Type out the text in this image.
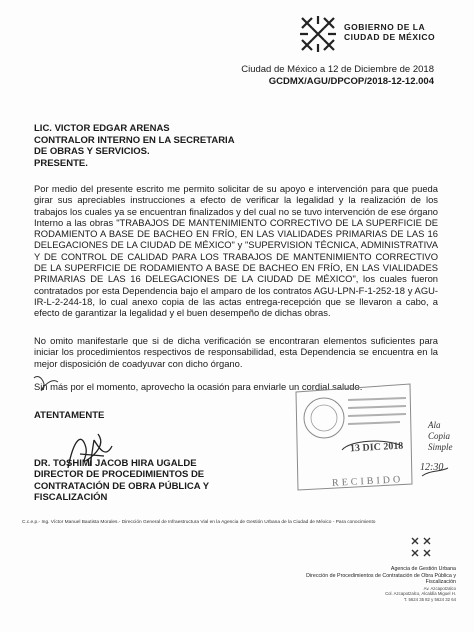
GOBIERNO DE LA
CIUDAD DE MÉXICO
Ciudad de México a 12 de Diciembre de 2018
GCDMX/AGU/DPCOP/2018-12-12.004
LIC. VICTOR EDGAR ARENAS
CONTRALOR INTERNO EN LA SECRETARIA
DE OBRAS Y SERVICIOS.
PRESENTE.
Por medio del presente escrito me permito solicitar de su apoyo e intervención para que pueda girar sus apreciables instrucciones a efecto de verificar la legalidad y la realización de los trabajos los cuales ya se encuentran finalizados y del cual no se tuvo intervención de ese órgano Interno a las obras "TRABAJOS DE MANTENIMIENTO CORRECTIVO DE LA SUPERFICIE DE RODAMIENTO A BASE DE BACHEO EN FRÍO, EN LAS VIALIDADES PRIMARIAS DE LAS 16 DELEGACIONES DE LA CIUDAD DE MÉXICO" y "SUPERVISION TÉCNICA, ADMINISTRATIVA Y DE CONTROL DE CALIDAD PARA LOS TRABAJOS DE MANTENIMIENTO CORRECTIVO DE LA SUPERFICIE DE RODAMIENTO A BASE DE BACHEO EN FRÍO, EN LAS VIALIDADES PRIMARIAS DE LAS 16 DELEGACIONES DE LA CIUDAD DE MÉXICO", los cuales fueron contratados por esta Dependencia bajo el amparo de los contratos AGU-LPN-F-1-252-18 y AGU-IR-L-2-244-18, lo cual anexo copia de las actas entrega-recepción que se llevaron a cabo, a efecto de garantizar la legalidad y el buen desempeño de dichas obras.
No omito manifestarle que si de dicha verificación se encontraran elementos suficientes para iniciar los procedimientos respectivos de responsabilidad, esta Dependencia se encuentra en la mejor disposición de coadyuvar con dicho órgano.
Sin más por el momento, aprovecho la ocasión para enviarle un cordial saludo.
ATENTAMENTE
DR. TOSHIMI JACOB HIRA UGALDE
DIRECTOR DE PROCEDIMIENTOS DE
CONTRATACIÓN DE OBRA PÚBLICA Y
FISCALIZACIÓN
13 DIC 2018
RECIBIDO
12:30
Ala
Copia
Simple
C.c.e.p.- Ing. Víctor Manuel Bautista Morales.- Dirección General de Infraestructura Vial en la Agencia de Gestión Urbana de la Ciudad de México - Para conocimiento
Agencia de Gestión Urbana
Dirección de Procedimientos de Contratación de Obra Pública y
Fiscalización
Av. Azcapotzalco
Col. Azcapotzalco, Alcaldía Miguel H.
T. 5624 35 82 y 5624 32 64
